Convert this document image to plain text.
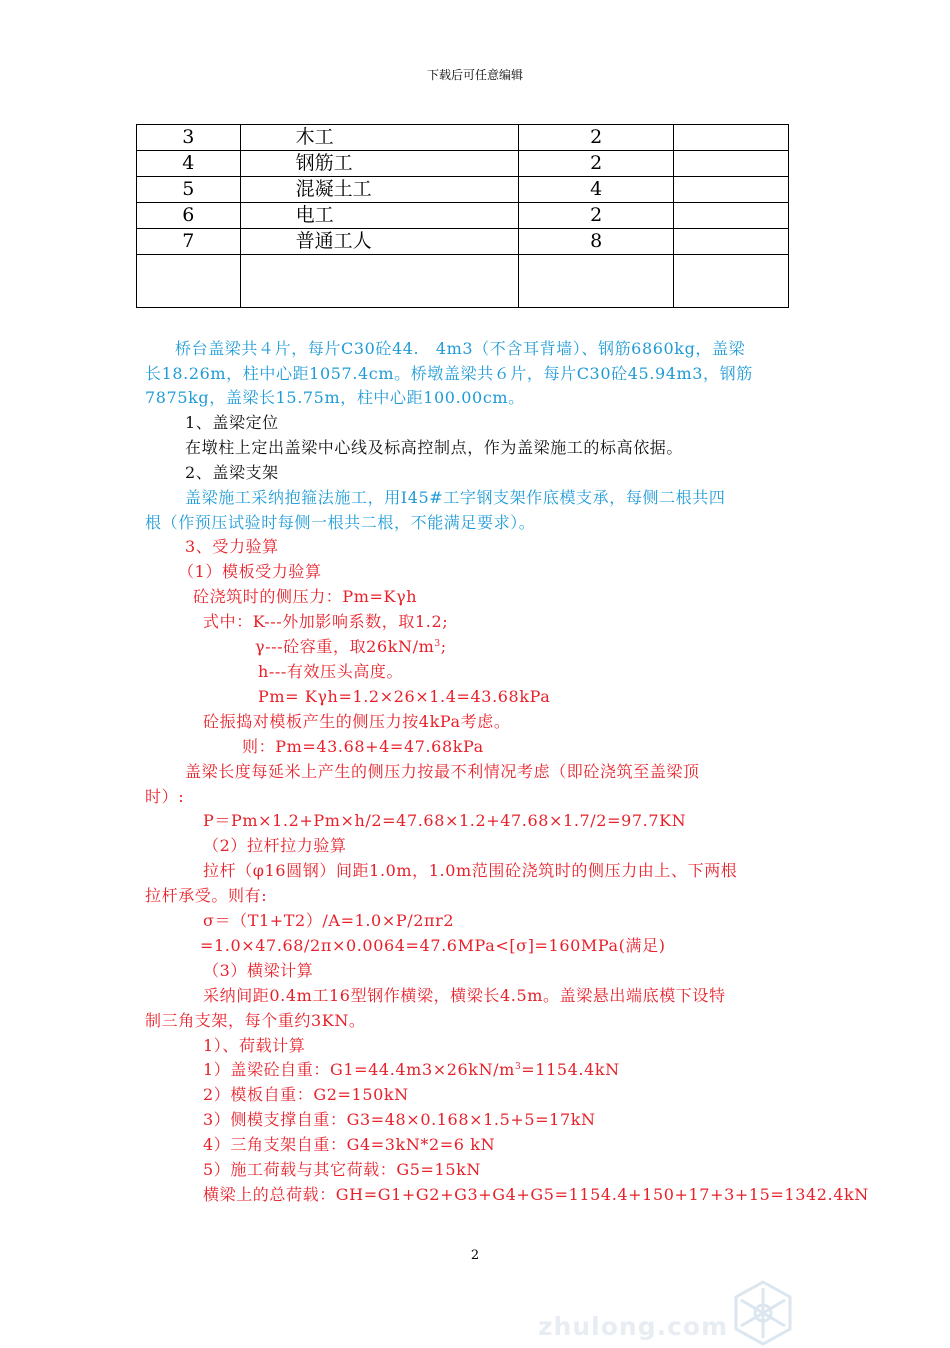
下载后可任意编辑
3	木工	2	
4	钢筋工	2	
5	混凝土工	4	
6	电工	2	
7	普通工人	8	

桥台盖梁共４片，每片C30砼44.　4m3（不含耳背墙）、钢筋6860kg，盖梁
长18.26m，柱中心距1057.4cm。桥墩盖梁共６片，每片C30砼45.94m3，钢筋
7875kg，盖梁长15.75m，柱中心距100.00cm。
1、盖梁定位
在墩柱上定出盖梁中心线及标高控制点，作为盖梁施工的标高依据。
2、盖梁支架
盖梁施工采纳抱箍法施工，用I45#工字钢支架作底模支承，每侧二根共四
根（作预压试验时每侧一根共二根，不能满足要求）。
3、受力验算
（1）模板受力验算
砼浇筑时的侧压力：Pm=Kγh
式中：K---外加影响系数，取1.2;
γ---砼容重，取$26kN/m^3$;
h---有效压头高度。
Pm= Kγh=1.2×26×1.4=43.68kPa
砼振捣对模板产生的侧压力按4kPa考虑。
则：Pm=43.68+4=47.68kPa
盖梁长度每延米上产生的侧压力按最不利情况考虑（即砼浇筑至盖梁顶
时）:
P＝Pm×1.2+Pm×h/2=47.68×1.2+47.68×1.7/2=97.7KN
（2）拉杆拉力验算
拉杆（φ16圆钢）间距1.0m，1.0m范围砼浇筑时的侧压力由上、下两根
拉杆承受。则有:
σ＝（T1+T2）/A=1.0×P/2πr2
=1.0×47.68/2π×0.0064=47.6MPa<[σ]=160MPa(满足)
（3）横梁计算
采纳间距0.4m工16型钢作横梁，横梁长4.5m。盖梁悬出端底模下设特
制三角支架，每个重约3KN。
1）、荷载计算
1）盖梁砼自重：$G1=44.4m3\times 26kN/m^3=1154.4kN$
2）模板自重：G2=150kN
3）侧模支撑自重：G3=48×0.168×1.5+5=17kN
4）三角支架自重：G4=3kN*2=6 kN
5）施工荷载与其它荷载：G5=15kN
横梁上的总荷载：GH=G1+G2+G3+G4+G5=1154.4+150+17+3+15=1342.4kN
2
zhulong.com
